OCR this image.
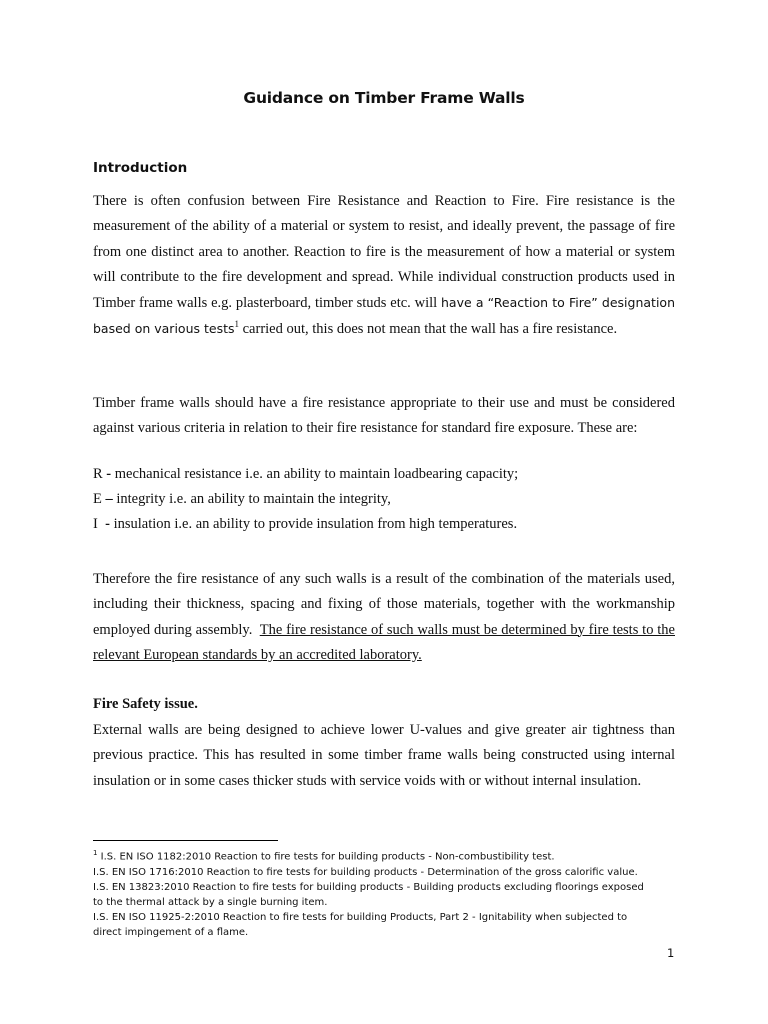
Guidance on Timber Frame Walls
Introduction

There is often confusion between Fire Resistance and Reaction to Fire. Fire resistance is the measurement of the ability of a material or system to resist, and ideally prevent, the passage of fire from one distinct area to another. Reaction to fire is the measurement of how a material or system will contribute to the fire development and spread. While individual construction products used in Timber frame walls e.g. plasterboard, timber studs etc. will have a “Reaction to Fire” designation based on various tests$^1$ carried out, this does not mean that the wall has a fire resistance.

Timber frame walls should have a fire resistance appropriate to their use and must be considered against various criteria in relation to their fire resistance for standard fire exposure. These are:

R - mechanical resistance i.e. an ability to maintain loadbearing capacity;

E – integrity i.e. an ability to maintain the integrity,

I  - insulation i.e. an ability to provide insulation from high temperatures.

Therefore the fire resistance of any such walls is a result of the combination of the materials used, including their thickness, spacing and fixing of those materials, together with the workmanship employed during assembly.  The fire resistance of such walls must be determined by fire tests to the relevant European standards by an accredited laboratory.

Fire Safety issue.

External walls are being designed to achieve lower U-values and give greater air tightness than previous practice. This has resulted in some timber frame walls being constructed using internal insulation or in some cases thicker studs with service voids with or without internal insulation.

$^1$ I.S. EN ISO 1182:2010 Reaction to fire tests for building products - Non-combustibility test.
I.S. EN ISO 1716:2010 Reaction to fire tests for building products - Determination of the gross calorific value.
I.S. EN 13823:2010 Reaction to fire tests for building products - Building products excluding floorings exposed
to the thermal attack by a single burning item.
I.S. EN ISO 11925-2:2010 Reaction to fire tests for building Products, Part 2 - Ignitability when subjected to
direct impingement of a flame.
1
